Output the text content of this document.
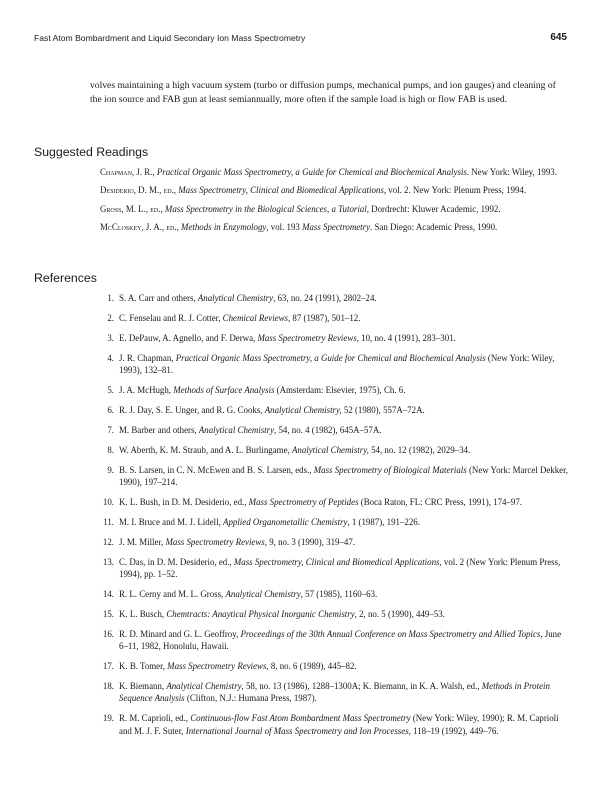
Fast Atom Bombardment and Liquid Secondary Ion Mass Spectrometry	645

volves maintaining a high vacuum system (turbo or diffusion pumps, mechanical pumps, and ion gauges) and cleaning of the ion source and FAB gun at least semiannually, more often if the sample load is high or flow FAB is used.

Suggested Readings
Chapman, J. R., Practical Organic Mass Spectrometry, a Guide for Chemical and Biochemical Analysis. New York: Wiley, 1993.
Desiderio, D. M., ed., Mass Spectrometry, Clinical and Biomedical Applications, vol. 2. New York: Plenum Press, 1994.
Gross, M. L., ed., Mass Spectrometry in the Biological Sciences, a Tutorial, Dordrecht: Kluwer Academic, 1992.
McCloskey, J. A., ed., Methods in Enzymology, vol. 193 Mass Spectrometry. San Diego: Academic Press, 1990.
References
1. S. A. Carr and others, Analytical Chemistry, 63, no. 24 (1991), 2802–24.
2. C. Fenselau and R. J. Cotter, Chemical Reviews, 87 (1987), 501–12.
3. E. DePauw, A. Agnello, and F. Derwa, Mass Spectrometry Reviews, 10, no. 4 (1991), 283–301.
4. J. R. Chapman, Practical Organic Mass Spectrometry, a Guide for Chemical and Biochemical Analysis (New York: Wiley, 1993), 132–81.
5. J. A. McHugh, Methods of Surface Analysis (Amsterdam: Elsevier, 1975), Ch. 6.
6. R. J. Day, S. E. Unger, and R. G. Cooks, Analytical Chemistry, 52 (1980), 557A–72A.
7. M. Barber and others, Analytical Chemistry, 54, no. 4 (1982), 645A–57A.
8. W. Aberth, K. M. Straub, and A. L. Burlingame, Analytical Chemistry, 54, no. 12 (1982), 2029–34.
9. B. S. Larsen, in C. N. McEwen and B. S. Larsen, eds., Mass Spectrometry of Biological Materials (New York: Marcel Dekker, 1990), 197–214.
10. K. L. Bush, in D. M. Desiderio, ed., Mass Spectrometry of Peptides (Boca Raton, FL: CRC Press, 1991), 174–97.
11. M. I. Bruce and M. J. Lidell, Applied Organometallic Chemistry, 1 (1987), 191–226.
12. J. M. Miller, Mass Spectrometry Reviews, 9, no. 3 (1990), 319–47.
13. C. Das, in D. M. Desiderio, ed., Mass Spectrometry, Clinical and Biomedical Applications, vol. 2 (New York: Plenum Press, 1994), pp. 1–52.
14. R. L. Cerny and M. L. Gross, Analytical Chemistry, 57 (1985), 1160–63.
15. K. L. Busch, Chemtracts: Anaytical Physical Inorganic Chemistry, 2, no. 5 (1990), 449–53.
16. R. D. Minard and G. L. Geoffroy, Proceedings of the 30th Annual Conference on Mass Spectrometry and Allied Topics, June 6–11, 1982, Honolulu, Hawaii.
17. K. B. Tomer, Mass Spectrometry Reviews, 8, no. 6 (1989), 445–82.
18. K. Biemann, Analytical Chemistry, 58, no. 13 (1986), 1288–1300A; K. Biemann, in K. A. Walsh, ed., Methods in Protein Sequence Analysis (Clifton, N.J.: Humana Press, 1987).
19. R. M. Caprioli, ed., Continuous-flow Fast Atom Bombardment Mass Spectrometry (New York: Wiley, 1990); R. M. Caprioli and M. J. F. Suter, International Journal of Mass Spectrometry and Ion Processes, 118–19 (1992), 449–76.
